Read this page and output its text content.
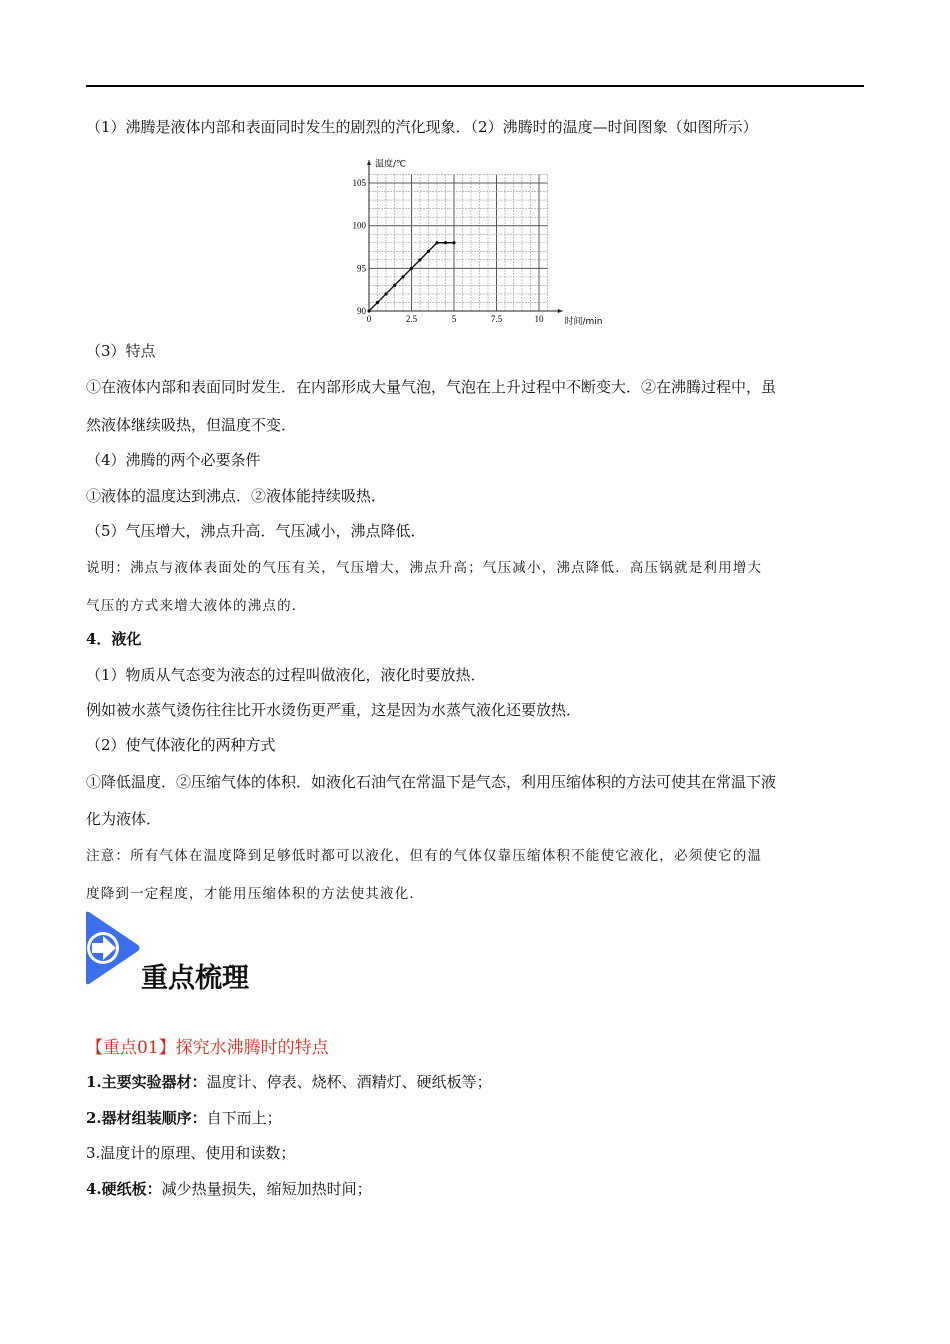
（1）沸腾是液体内部和表面同时发生的剧烈的汽化现象．（2）沸腾时的温度—时间图象（如图所示）
0	2.5	5	7.5	10
90
95
100
105
温度/℃
时间/min
（3）特点
①在液体内部和表面同时发生．在内部形成大量气泡，气泡在上升过程中不断变大．②在沸腾过程中，虽
然液体继续吸热，但温度不变．
（4）沸腾的两个必要条件
①液体的温度达到沸点．②液体能持续吸热．
（5）气压增大，沸点升高．气压减小，沸点降低．
说明：沸点与液体表面处的气压有关，气压增大，沸点升高；气压减小，沸点降低．高压锅就是利用增大
气压的方式来增大液体的沸点的．
4．液化
（1）物质从气态变为液态的过程叫做液化，液化时要放热．
例如被水蒸气烫伤往往比开水烫伤更严重，这是因为水蒸气液化还要放热．
（2）使气体液化的两种方式
①降低温度．②压缩气体的体积．如液化石油气在常温下是气态，利用压缩体积的方法可使其在常温下液
化为液体．
注意：所有气体在温度降到足够低时都可以液化，但有的气体仅靠压缩体积不能使它液化，必须使它的温
度降到一定程度，才能用压缩体积的方法使其液化．
重点梳理
【重点01】探究水沸腾时的特点
1.主要实验器材：温度计、停表、烧杯、酒精灯、硬纸板等；
2.器材组装顺序：自下而上；
3.温度计的原理、使用和读数；
4.硬纸板：减少热量损失，缩短加热时间；
